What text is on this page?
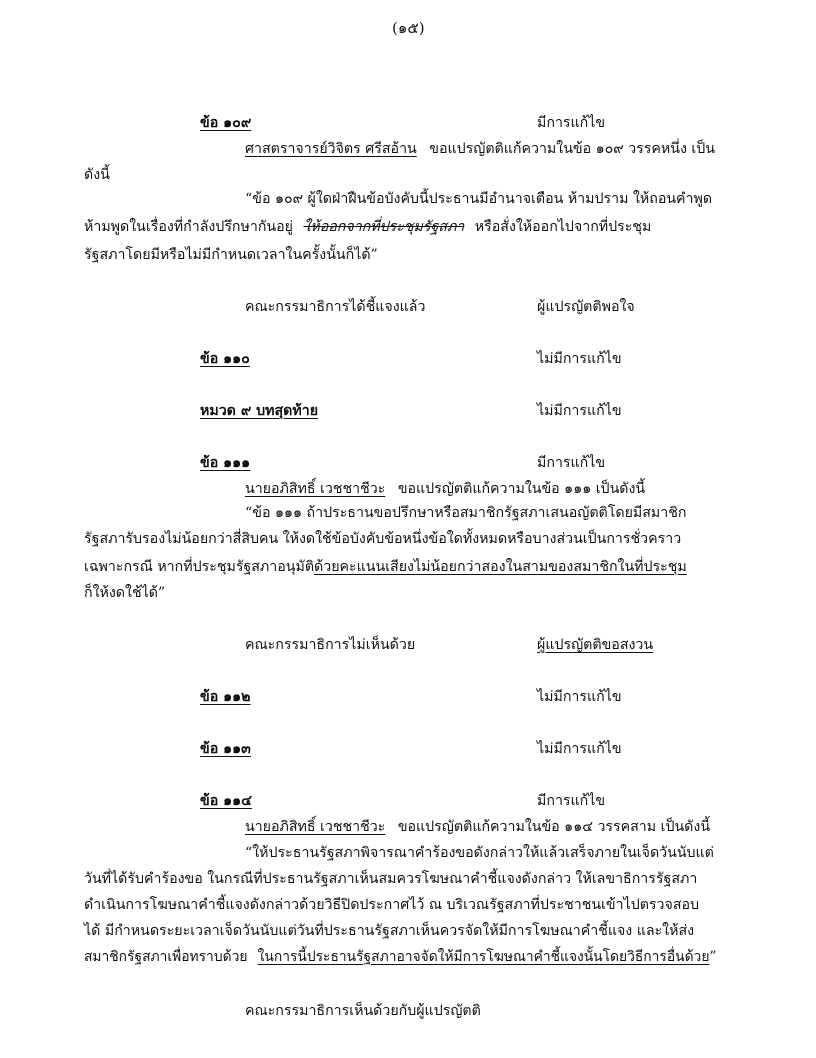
(๑๕)
ข้อ ๑๐๙	มีการแก้ไข
ศาสตราจารย์วิจิตร ศรีสอ้าน ขอแปรญัตติแก้ความในข้อ ๑๐๙ วรรคหนึ่ง เป็น
ดังนี้
“ข้อ ๑๐๙ ผู้ใดฝ่าฝืนข้อบังคับนี้ประธานมีอำนาจเตือน ห้ามปราม ให้ถอนคำพูด
ห้ามพูดในเรื่องที่กำลังปรึกษากันอยู่ ให้ออกจากที่ประชุมรัฐสภา หรือสั่งให้ออกไปจากที่ประชุม
รัฐสภาโดยมีหรือไม่มีกำหนดเวลาในครั้งนั้นก็ได้”
คณะกรรมาธิการได้ชี้แจงแล้ว	ผู้แปรญัตติพอใจ
ข้อ ๑๑๐	ไม่มีการแก้ไข
หมวด ๙ บทสุดท้าย	ไม่มีการแก้ไข
ข้อ ๑๑๑	มีการแก้ไข
นายอภิสิทธิ์ เวชชาชีวะ ขอแปรญัตติแก้ความในข้อ ๑๑๑ เป็นดังนี้
“ข้อ ๑๑๑ ถ้าประธานขอปรึกษาหรือสมาชิกรัฐสภาเสนอญัตติโดยมีสมาชิก
รัฐสภารับรองไม่น้อยกว่าสี่สิบคน ให้งดใช้ข้อบังคับข้อหนึ่งข้อใดทั้งหมดหรือบางส่วนเป็นการชั่วคราว
เฉพาะกรณี หากที่ประชุมรัฐสภาอนุมัติด้วยคะแนนเสียงไม่น้อยกว่าสองในสามของสมาชิกในที่ประชุม
ก็ให้งดใช้ได้”
คณะกรรมาธิการไม่เห็นด้วย	ผู้แปรญัตติขอสงวน
ข้อ ๑๑๒	ไม่มีการแก้ไข
ข้อ ๑๑๓	ไม่มีการแก้ไข
ข้อ ๑๑๔	มีการแก้ไข
นายอภิสิทธิ์ เวชชาชีวะ ขอแปรญัตติแก้ความในข้อ ๑๑๔ วรรคสาม เป็นดังนี้
“ให้ประธานรัฐสภาพิจารณาคำร้องขอดังกล่าวให้แล้วเสร็จภายในเจ็ดวันนับแต่
วันที่ได้รับคำร้องขอ ในกรณีที่ประธานรัฐสภาเห็นสมควรโฆษณาคำชี้แจงดังกล่าว ให้เลขาธิการรัฐสภา
ดำเนินการโฆษณาคำชี้แจงดังกล่าวด้วยวิธีปิดประกาศไว้ ณ บริเวณรัฐสภาที่ประชาชนเข้าไปตรวจสอบ
ได้ มีกำหนดระยะเวลาเจ็ดวันนับแต่วันที่ประธานรัฐสภาเห็นควรจัดให้มีการโฆษณาคำชี้แจง และให้ส่ง
สมาชิกรัฐสภาเพื่อทราบด้วย ในการนี้ประธานรัฐสภาอาจจัดให้มีการโฆษณาคำชี้แจงนั้นโดยวิธีการอื่นด้วย”
คณะกรรมาธิการเห็นด้วยกับผู้แปรญัตติ
